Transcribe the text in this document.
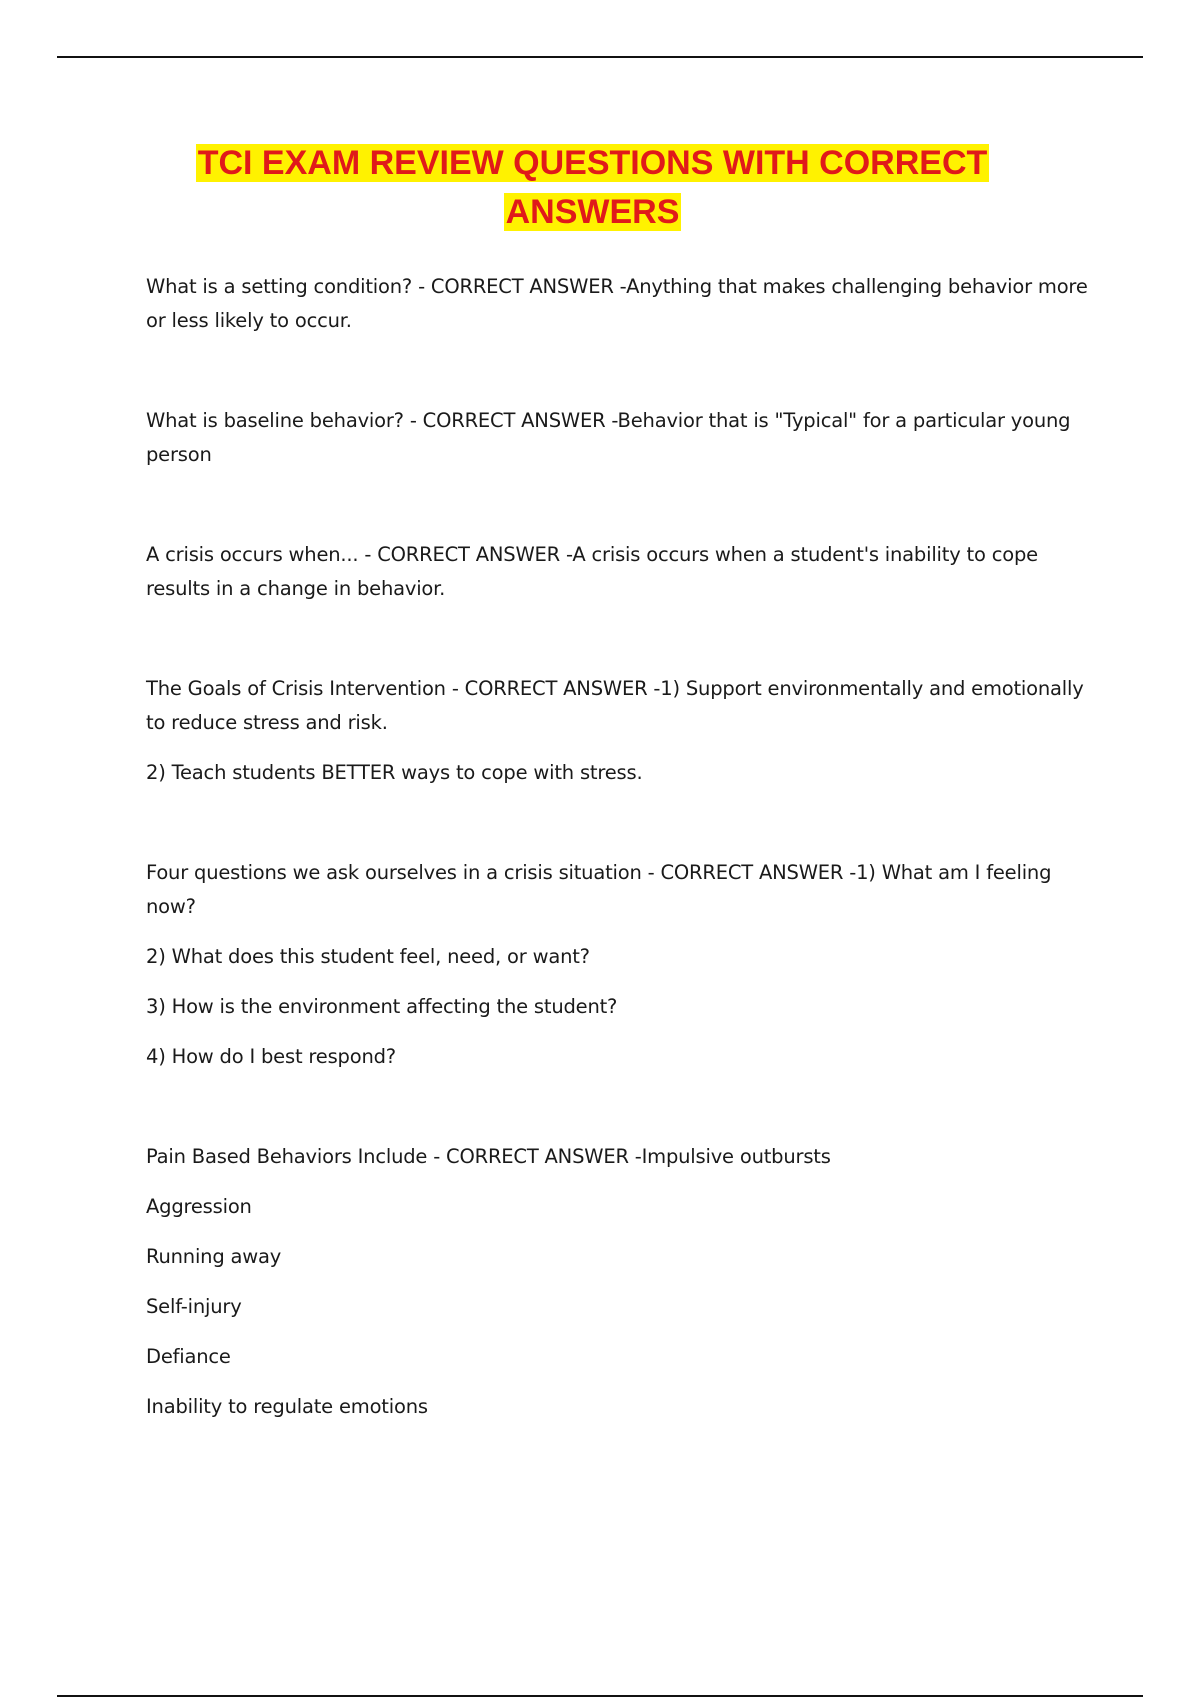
TCI EXAM REVIEW QUESTIONS WITH CORRECT
ANSWERS

What is a setting condition? - CORRECT ANSWER -Anything that makes challenging behavior more or less likely to occur.

What is baseline behavior? - CORRECT ANSWER -Behavior that is "Typical" for a particular young person

A crisis occurs when... - CORRECT ANSWER -A crisis occurs when a student's inability to cope results in a change in behavior.

The Goals of Crisis Intervention - CORRECT ANSWER -1) Support environmentally and emotionally to reduce stress and risk.

2) Teach students BETTER ways to cope with stress.

Four questions we ask ourselves in a crisis situation - CORRECT ANSWER -1) What am I feeling now?

2) What does this student feel, need, or want?

3) How is the environment affecting the student?

4) How do I best respond?

Pain Based Behaviors Include - CORRECT ANSWER -Impulsive outbursts

Aggression

Running away

Self-injury

Defiance

Inability to regulate emotions
